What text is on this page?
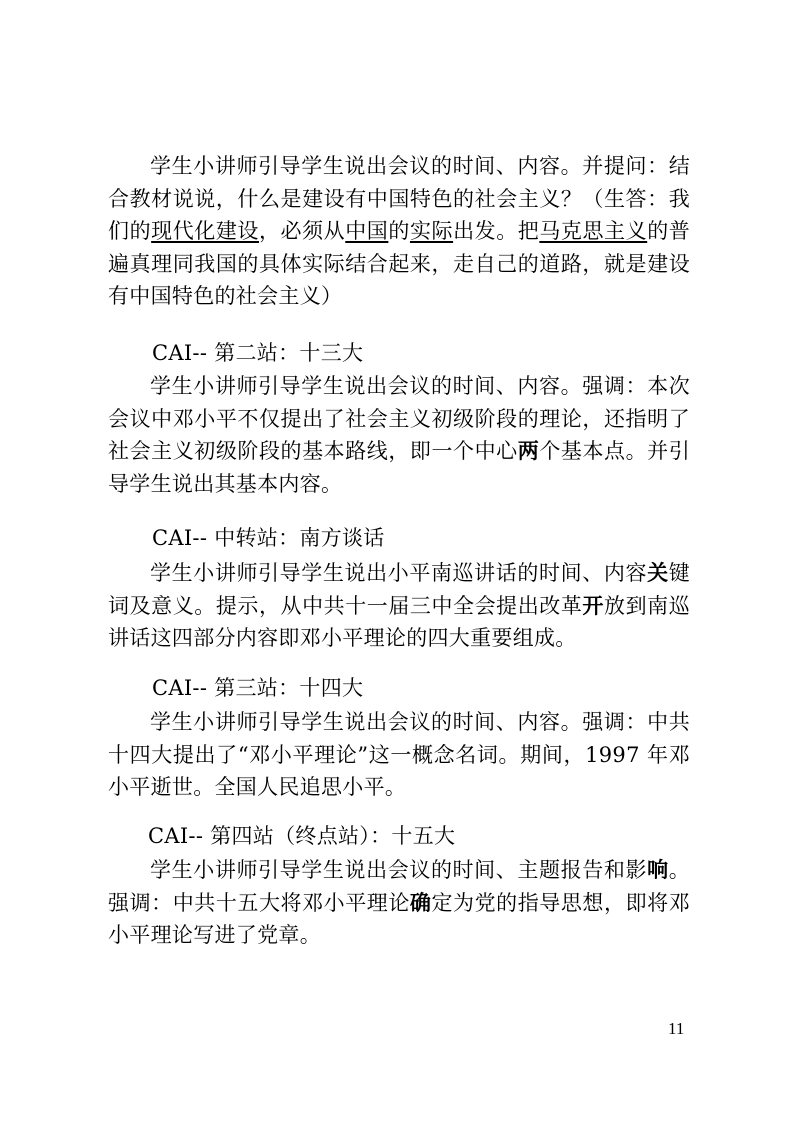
学生小讲师引导学生说出会议的时间、内容。并提问：结合教材说说，什么是建设有中国特色的社会主义？（生答：我们的现代化建设，必须从中国的实际出发。把马克思主义的普遍真理同我国的具体实际结合起来，走自己的道路，就是建设有中国特色的社会主义）

CAI-- 第二站：十三大

学生小讲师引导学生说出会议的时间、内容。强调：本次会议中邓小平不仅提出了社会主义初级阶段的理论，还指明了社会主义初级阶段的基本路线，即一个中心两个基本点。并引导学生说出其基本内容。

CAI-- 中转站：南方谈话

学生小讲师引导学生说出小平南巡讲话的时间、内容关键词及意义。提示，从中共十一届三中全会提出改革开放到南巡讲话这四部分内容即邓小平理论的四大重要组成。

CAI-- 第三站：十四大

学生小讲师引导学生说出会议的时间、内容。强调：中共十四大提出了“邓小平理论”这一概念名词。期间，1997 年邓小平逝世。全国人民追思小平。

CAI-- 第四站（终点站）：十五大

学生小讲师引导学生说出会议的时间、主题报告和影响。强调：中共十五大将邓小平理论确定为党的指导思想，即将邓小平理论写进了党章。

11
